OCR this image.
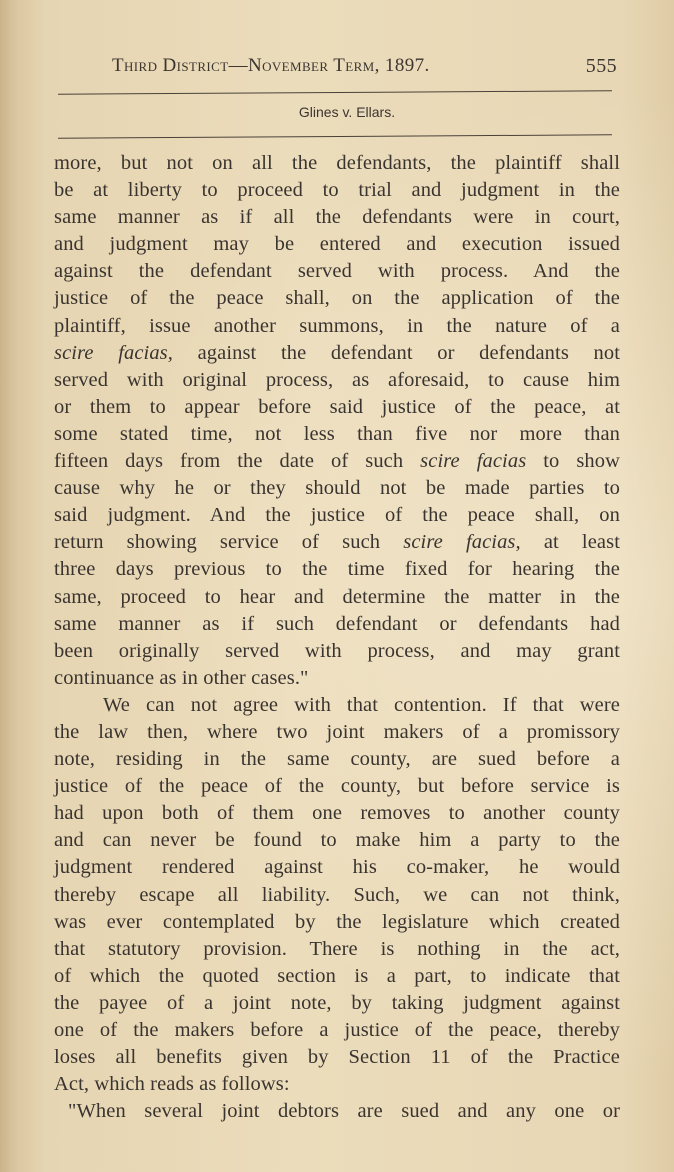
Third District—November Term, 1897.	555
Glines v. Ellars.
more, but not on all the defendants, the plaintiff shall
be at liberty to proceed to trial and judgment in the
same manner as if all the defendants were in court,
and judgment may be entered and execution issued
against the defendant served with process. And the
justice of the peace shall, on the application of the
plaintiff, issue another summons, in the nature of a
scire facias, against the defendant or defendants not
served with original process, as aforesaid, to cause him
or them to appear before said justice of the peace, at
some stated time, not less than five nor more than
fifteen days from the date of such scire facias to show
cause why he or they should not be made parties to
said judgment. And the justice of the peace shall, on
return showing service of such scire facias, at least
three days previous to the time fixed for hearing the
same, proceed to hear and determine the matter in the
same manner as if such defendant or defendants had
been originally served with process, and may grant
continuance as in other cases."
We can not agree with that contention. If that were
the law then, where two joint makers of a promissory
note, residing in the same county, are sued before a
justice of the peace of the county, but before service is
had upon both of them one removes to another county
and can never be found to make him a party to the
judgment rendered against his co-maker, he would
thereby escape all liability. Such, we can not think,
was ever contemplated by the legislature which created
that statutory provision. There is nothing in the act,
of which the quoted section is a part, to indicate that
the payee of a joint note, by taking judgment against
one of the makers before a justice of the peace, thereby
loses all benefits given by Section 11 of the Practice
Act, which reads as follows:
"When several joint debtors are sued and any one or
